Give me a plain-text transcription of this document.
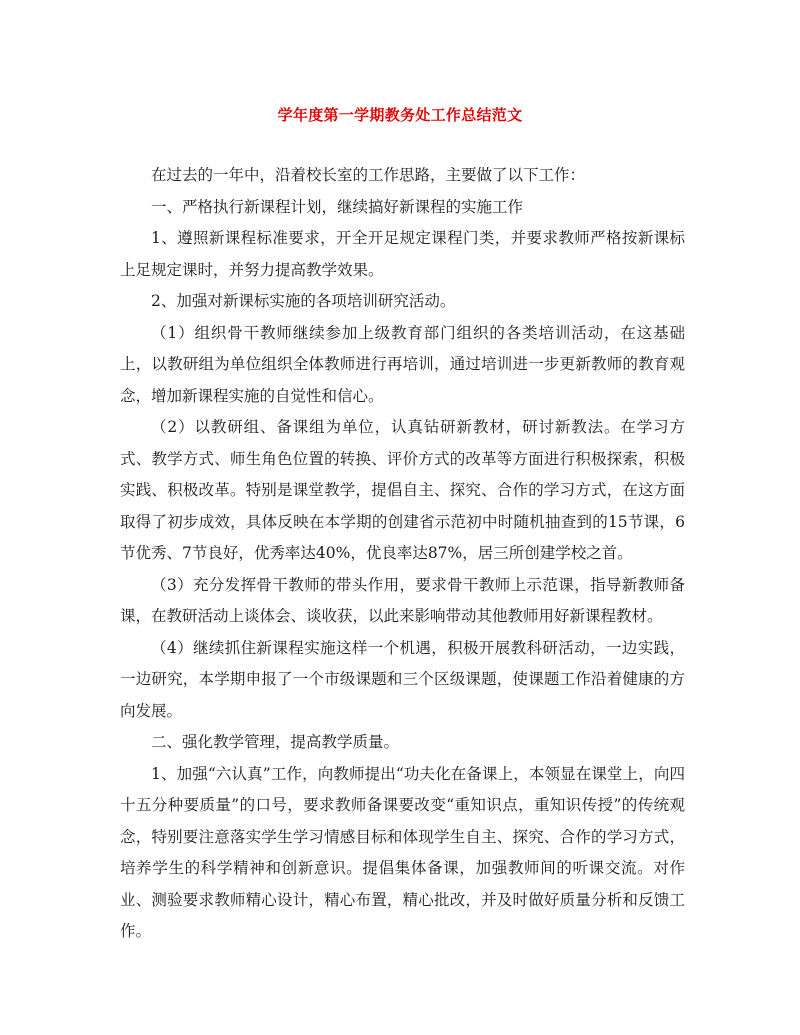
学年度第一学期教务处工作总结范文

在过去的一年中，沿着校长室的工作思路，主要做了以下工作：

一、严格执行新课程计划，继续搞好新课程的实施工作

1、遵照新课程标准要求，开全开足规定课程门类，并要求教师严格按新课标上足规定课时，并努力提高教学效果。

2、加强对新课标实施的各项培训研究活动。

（1）组织骨干教师继续参加上级教育部门组织的各类培训活动，在这基础上，以教研组为单位组织全体教师进行再培训，通过培训进一步更新教师的教育观念，增加新课程实施的自觉性和信心。

（2）以教研组、备课组为单位，认真钻研新教材，研讨新教法。在学习方式、教学方式、师生角色位置的转换、评价方式的改革等方面进行积极探索，积极实践、积极改革。特别是课堂教学，提倡自主、探究、合作的学习方式，在这方面取得了初步成效，具体反映在本学期的创建省示范初中时随机抽查到的15节课，6节优秀、7节良好，优秀率达40%，优良率达87%，居三所创建学校之首。

（3）充分发挥骨干教师的带头作用，要求骨干教师上示范课，指导新教师备课，在教研活动上谈体会、谈收获，以此来影响带动其他教师用好新课程教材。

（4）继续抓住新课程实施这样一个机遇，积极开展教科研活动，一边实践，一边研究，本学期申报了一个市级课题和三个区级课题，使课题工作沿着健康的方向发展。

二、强化教学管理，提高教学质量。

1、加强“六认真”工作，向教师提出“功夫化在备课上，本领显在课堂上，向四十五分种要质量”的口号，要求教师备课要改变“重知识点，重知识传授”的传统观念，特别要注意落实学生学习情感目标和体现学生自主、探究、合作的学习方式，培养学生的科学精神和创新意识。提倡集体备课，加强教师间的听课交流。对作业、测验要求教师精心设计，精心布置，精心批改，并及时做好质量分析和反馈工作。
